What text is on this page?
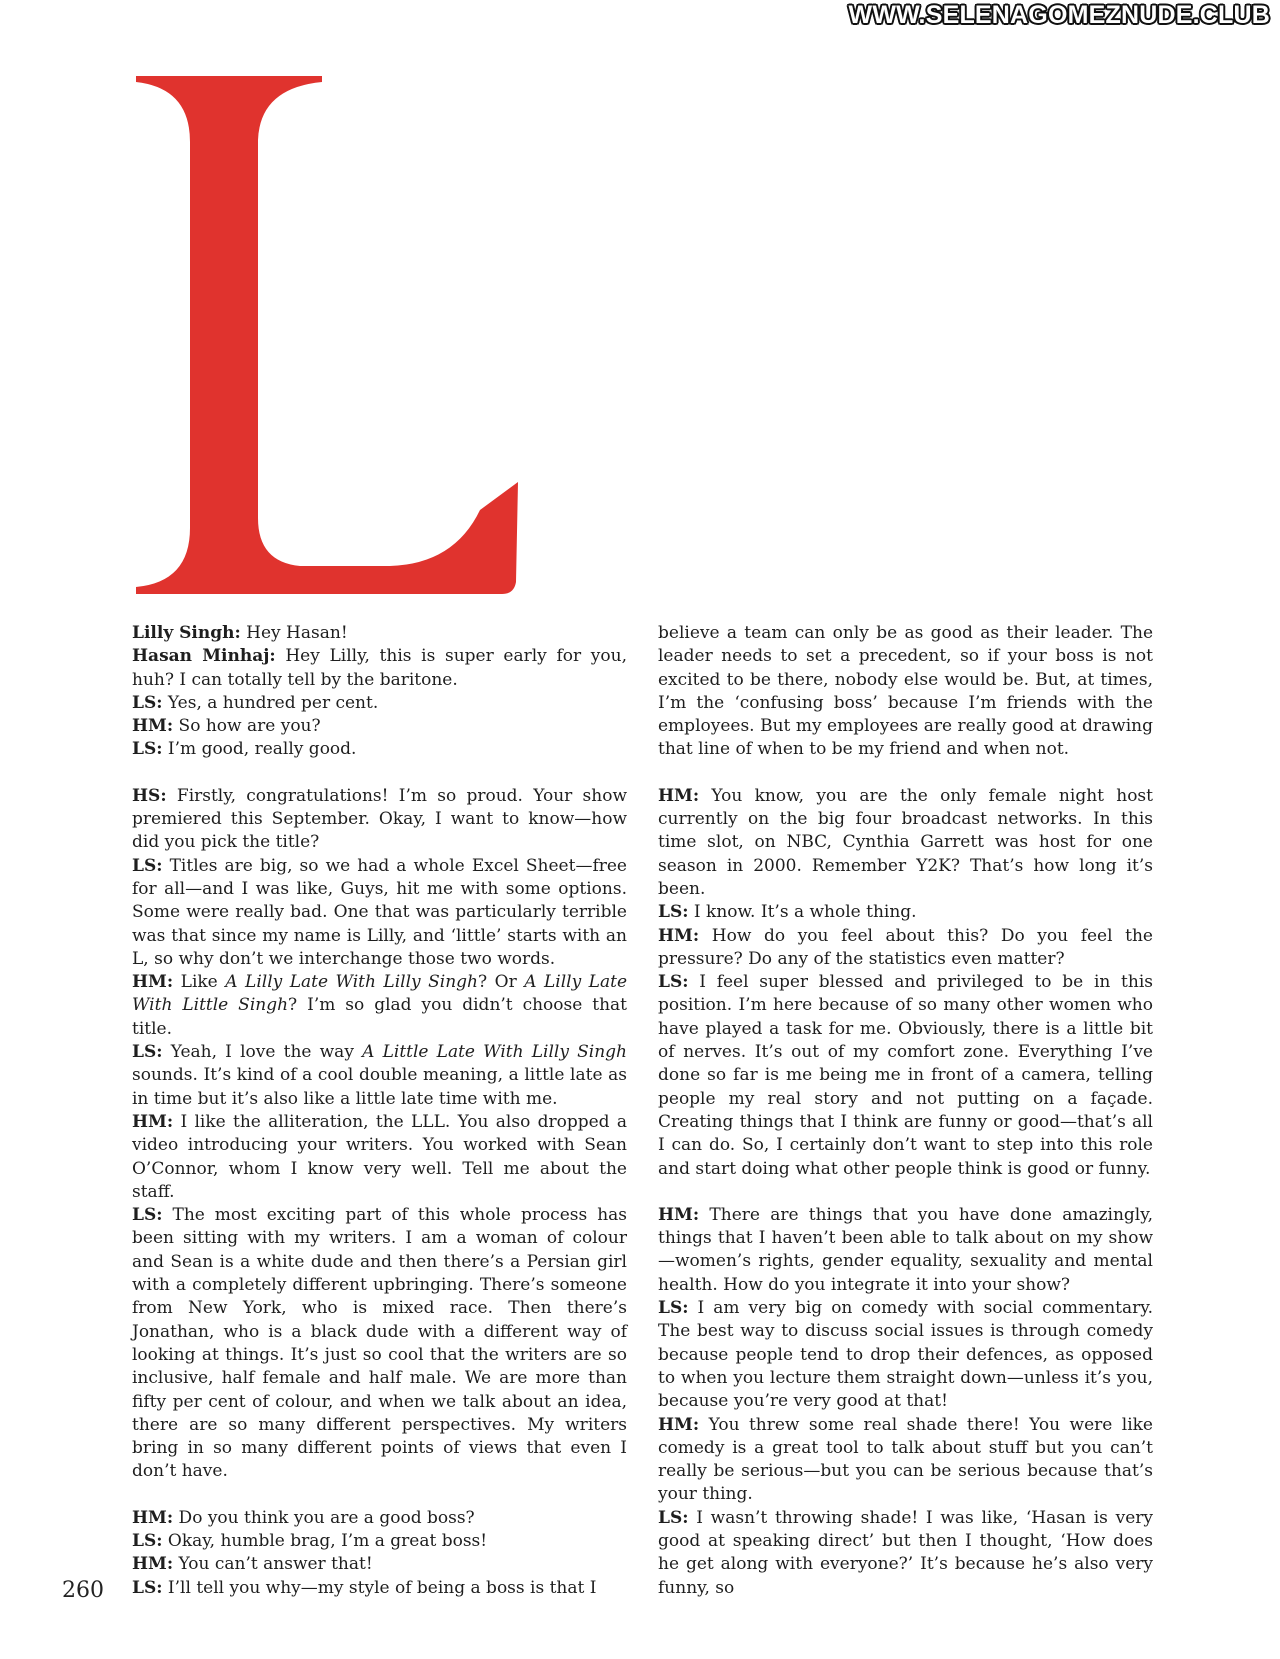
WWW.SELENAGOMEZNUDE.CLUB

Lilly Singh: Hey Hasan!

Hasan Minhaj: Hey Lilly, this is super early for you, huh? I can totally tell by the baritone.

LS: Yes, a hundred per cent.

HM: So how are you?

LS: I’m good, really good.

HS: Firstly, congratulations! I’m so proud. Your show premiered this September. Okay, I want to know—how did you pick the title?

LS: Titles are big, so we had a whole Excel Sheet—free for all—and I was like, Guys, hit me with some options. Some were really bad. One that was particularly terrible was that since my name is Lilly, and ‘little’ starts with an L, so why don’t we interchange those two words.

HM: Like A Lilly Late With Lilly Singh? Or A Lilly Late With Little Singh? I’m so glad you didn’t choose that title.

LS: Yeah, I love the way A Little Late With Lilly Singh sounds. It’s kind of a cool double meaning, a little late as in time but it’s also like a little late time with me.

HM: I like the alliteration, the LLL. You also dropped a video introducing your writers. You worked with Sean O’Connor, whom I know very well. Tell me about the staff.

LS: The most exciting part of this whole process has been sitting with my writers. I am a woman of colour and Sean is a white dude and then there’s a Persian girl with a completely different upbringing. There’s someone from New York, who is mixed race. Then there’s Jonathan, who is a black dude with a different way of looking at things. It’s just so cool that the writers are so inclusive, half female and half male. We are more than fifty per cent of colour, and when we talk about an idea, there are so many different perspectives. My writers bring in so many different points of views that even I don’t have.

HM: Do you think you are a good boss?

LS: Okay, humble brag, I’m a great boss!

HM: You can’t answer that!

LS: I’ll tell you why—my style of being a boss is that I

believe a team can only be as good as their leader. The leader needs to set a precedent, so if your boss is not excited to be there, nobody else would be. But, at times, I’m the ‘confusing boss’ because I’m friends with the employees. But my employees are really good at drawing that line of when to be my friend and when not.

HM: You know, you are the only female night host currently on the big four broadcast networks. In this time slot, on NBC, Cynthia Garrett was host for one season in 2000. Remember Y2K? That’s how long it’s been.

LS: I know. It’s a whole thing.

HM: How do you feel about this? Do you feel the pressure? Do any of the statistics even matter?

LS: I feel super blessed and privileged to be in this position. I’m here because of so many other women who have played a task for me. Obviously, there is a little bit of nerves. It’s out of my comfort zone. Everything I’ve done so far is me being me in front of a camera, telling people my real story and not putting on a façade. Creating things that I think are funny or good—that’s all I can do. So, I certainly don’t want to step into this role and start doing what other people think is good or funny.

HM: There are things that you have done amazingly, things that I haven’t been able to talk about on my show—women’s rights, gender equality, sexuality and mental health. How do you integrate it into your show?

LS: I am very big on comedy with social commentary. The best way to discuss social issues is through comedy because people tend to drop their defences, as opposed to when you lecture them straight down—unless it’s you, because you’re very good at that!

HM: You threw some real shade there! You were like comedy is a great tool to talk about stuff but you can’t really be serious—but you can be serious because that’s your thing.

LS: I wasn’t throwing shade! I was like, ‘Hasan is very good at speaking direct’ but then I thought, ‘How does he get along with everyone?’ It’s because he’s also very funny, so

260
